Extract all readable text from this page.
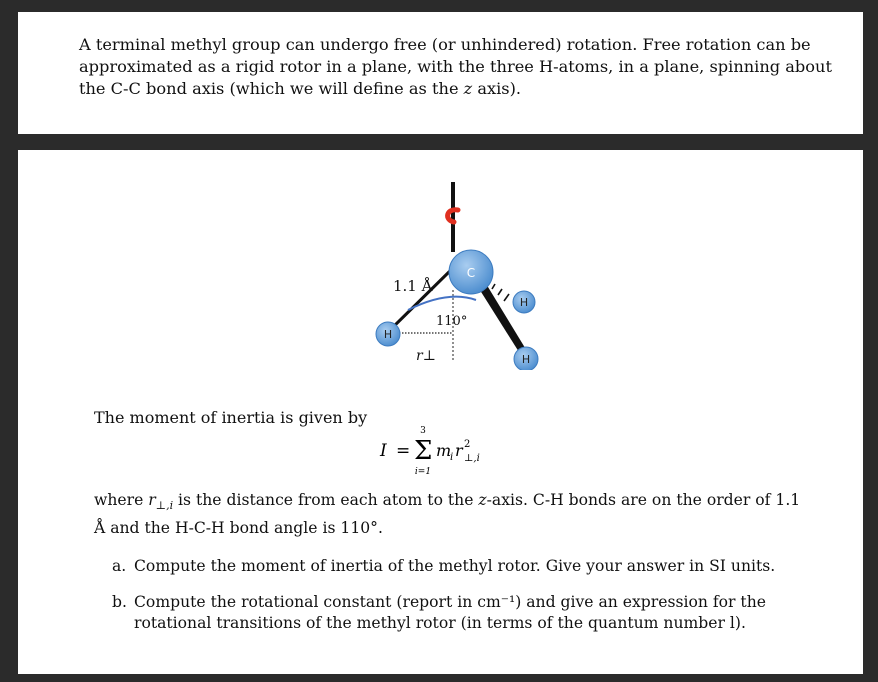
A terminal methyl group can undergo free (or unhindered) rotation. Free rotation can be approximated as a rigid rotor in a plane, with the three H-atoms, in a plane, spinning about the C-C bond axis (which we will define as the z axis).

C
H
H
H
1.1 Å
110°
r⊥
The moment of inertia is given by
I = Σ
3
i=1
m
i r 2
⊥,i

where $r_{\perp,i}$ is the distance from each atom to the z-axis. C-H bonds are on the order of 1.1 Å and the H-C-H bond angle is 110°.

a. Compute the moment of inertia of the methyl rotor. Give your answer in SI units.
b. Compute the rotational constant (report in cm⁻¹) and give an expression for the rotational transitions of the methyl rotor (in terms of the quantum number l).
